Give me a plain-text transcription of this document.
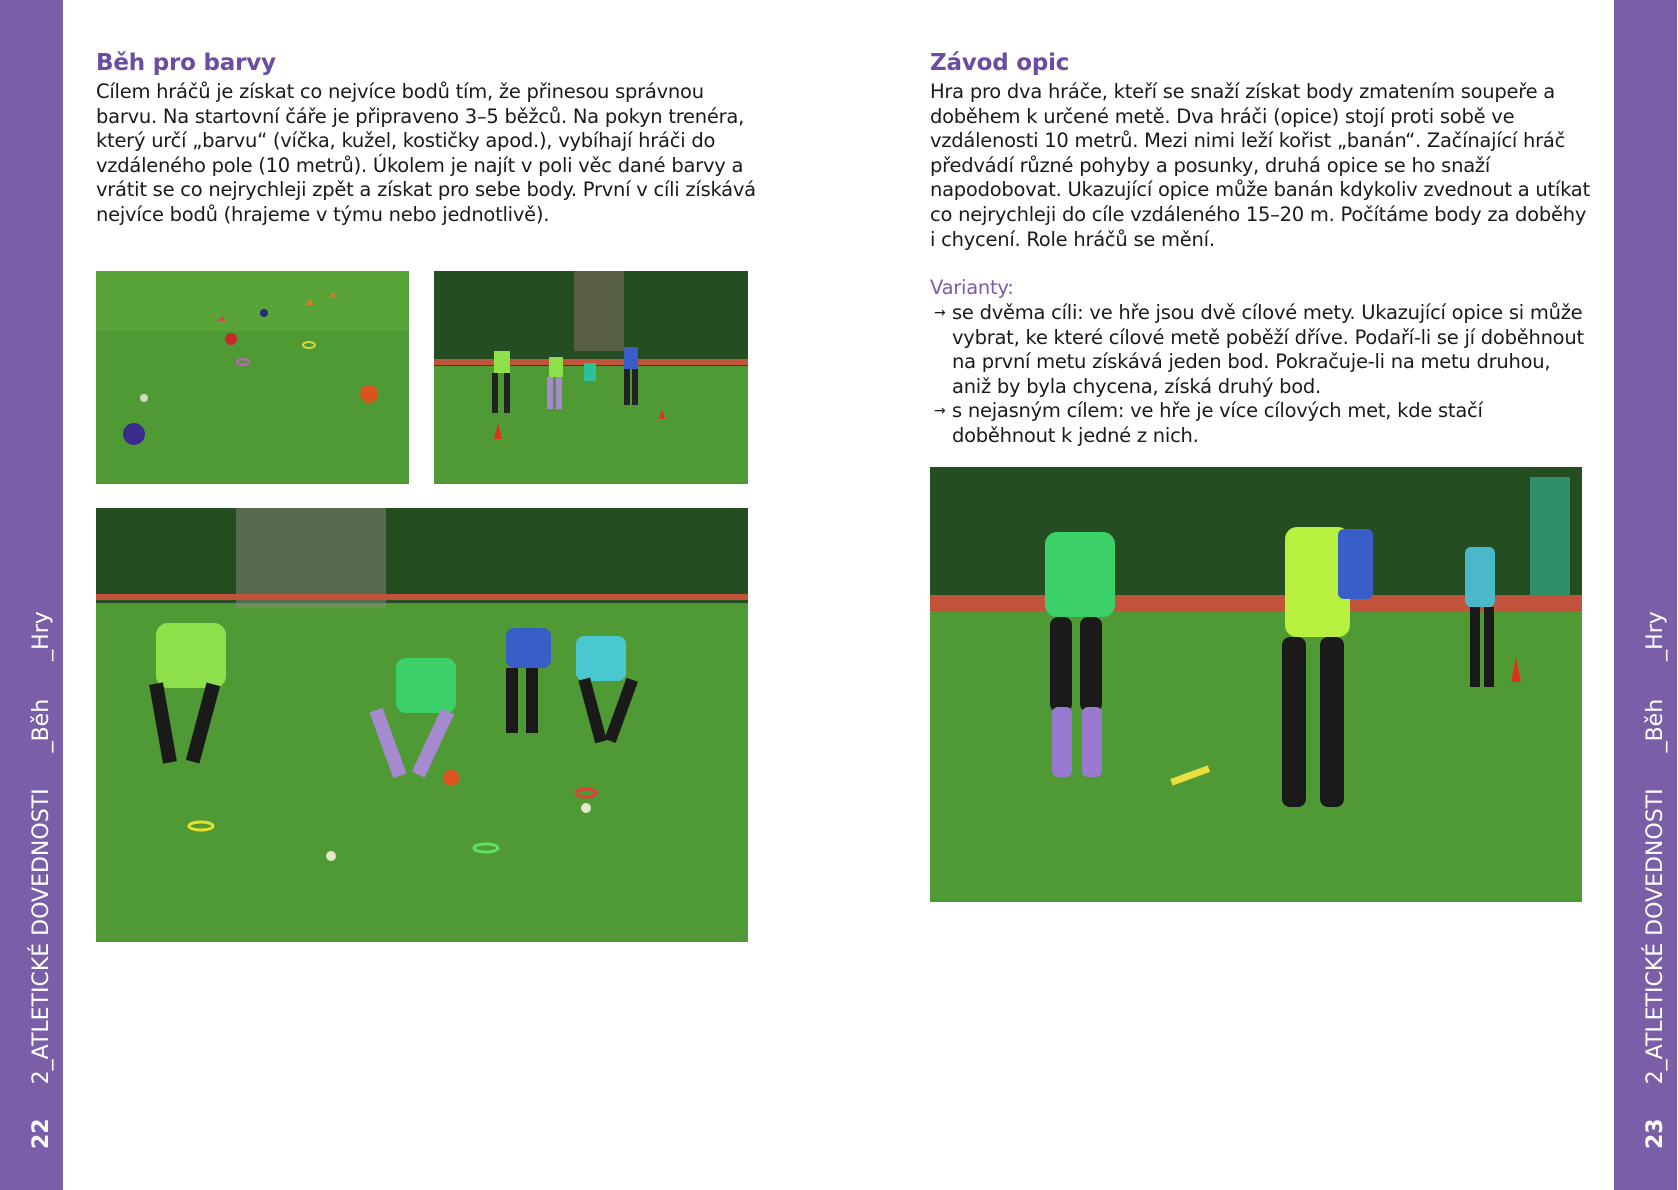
22
2_ATLETICKÉ DOVEDNOSTI
_Běh
_Hry
23
2_ATLETICKÉ DOVEDNOSTI
_Běh
_Hry
Běh pro barvy

Cílem hráčů je získat co nejvíce bodů tím, že přinesou správnou barvu. Na startovní čáře je připraveno 3–5 běžců. Na pokyn trenéra, který určí „barvu“ (víčka, kužel, kostičky apod.), vybíhají hráči do vzdáleného pole (10 metrů). Úkolem je najít v poli věc dané barvy a vrátit se co nejrychleji zpět a získat pro sebe body. První v cíli získává nejvíce bodů (hrajeme v týmu nebo jednotlivě).

Závod opic

Hra pro dva hráče, kteří se snaží získat body zmatením soupeře a doběhem k určené metě. Dva hráči (opice) stojí proti sobě ve vzdálenosti 10 metrů. Mezi nimi leží kořist „banán“. Začínající hráč předvádí různé pohyby a posunky, druhá opice se ho snaží napodobovat. Ukazující opice může banán kdykoliv zvednout a utíkat co nejrychleji do cíle vzdáleného 15–20 m. Počítáme body za doběhy i chycení. Role hráčů se mění.

Varianty:
→ se dvěma cíli: ve hře jsou dvě cílové mety. Ukazující opice si může vybrat, ke které cílové metě poběží dříve. Podaří-li se jí doběhnout na první metu získává jeden bod. Pokračuje-li na metu druhou, aniž by byla chycena, získá druhý bod.
→ s nejasným cílem: ve hře je více cílových met, kde stačí doběhnout k jedné z nich.
